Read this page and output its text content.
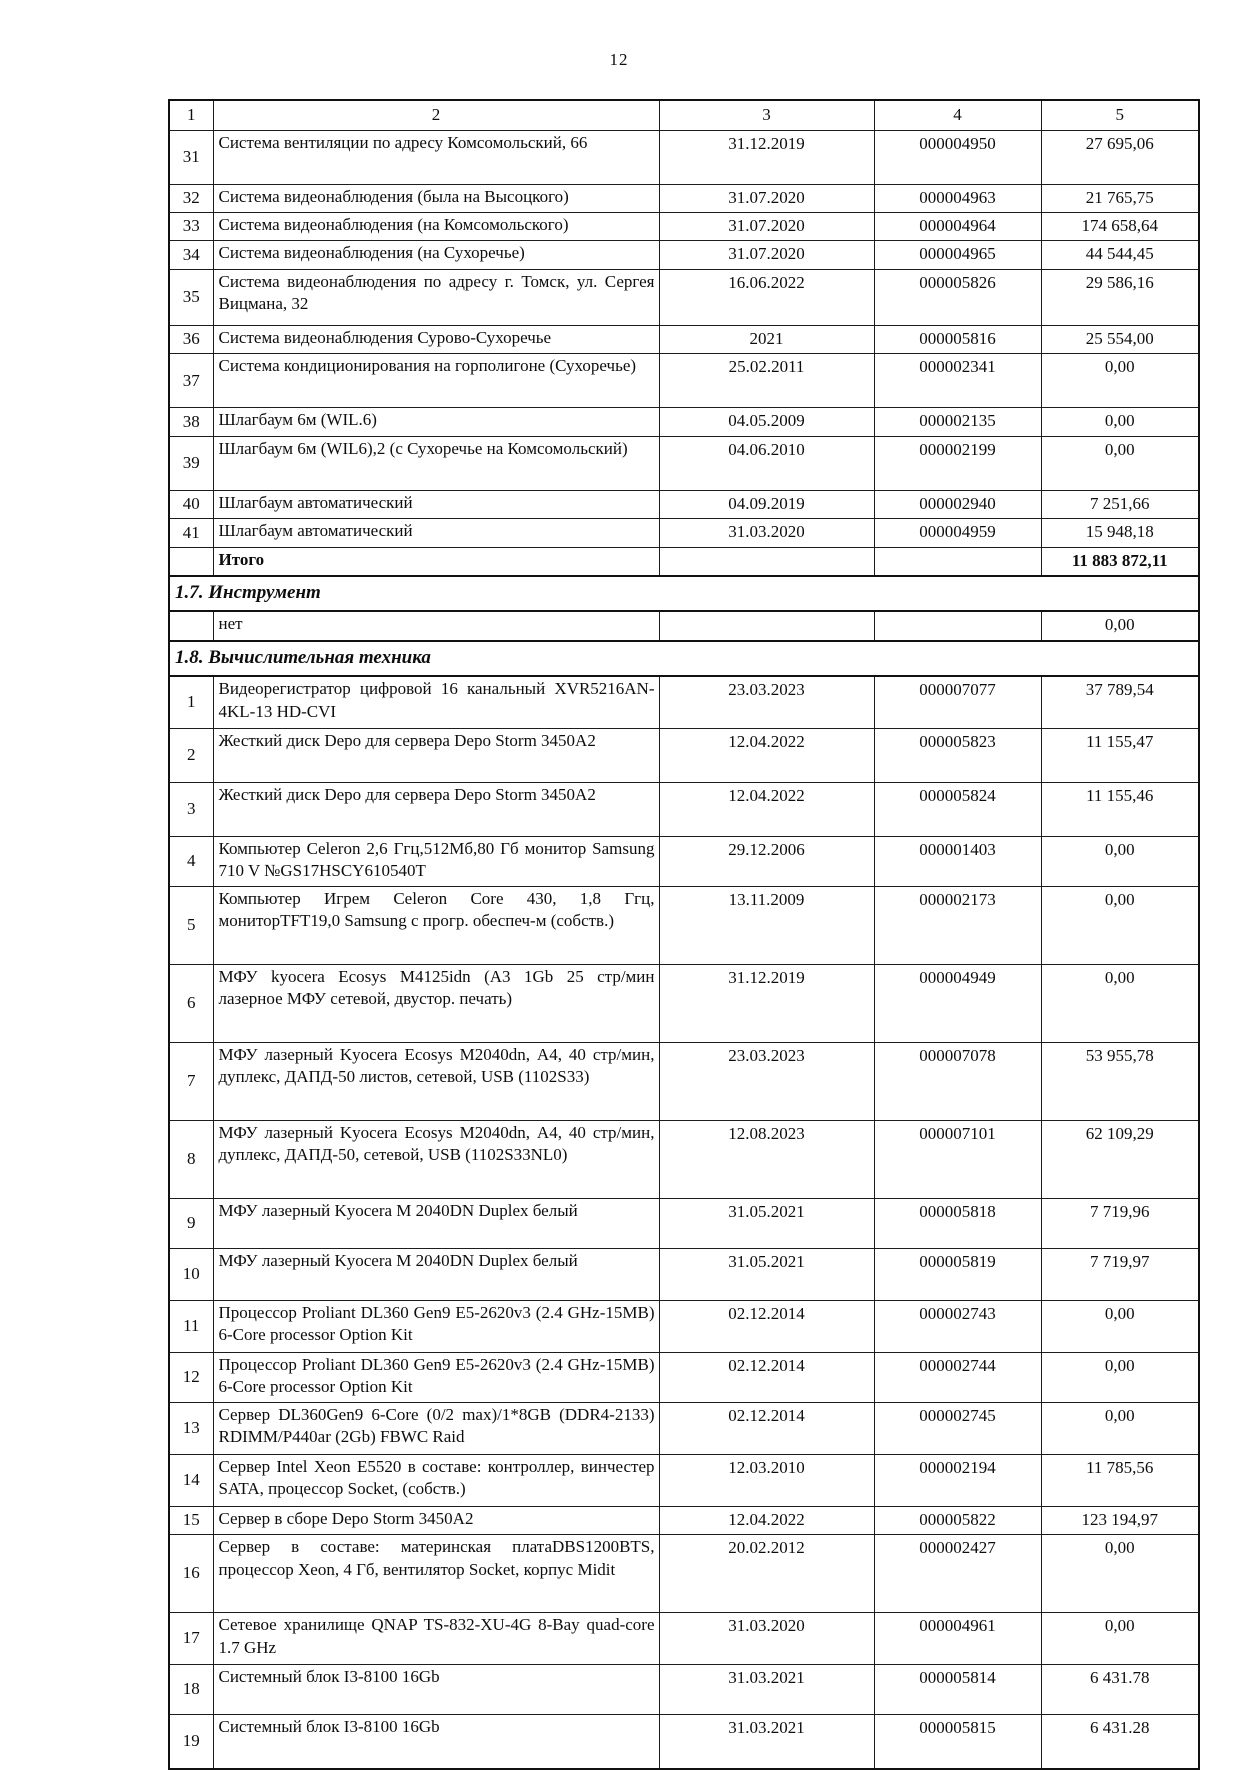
12
1	2	3	4	5
31	Система вентиляции по адресу Комсомольский, 66	31.12.2019	000004950	27 695,06
32	Система видеонаблюдения (была на Высоцкого)	31.07.2020	000004963	21 765,75
33	Система видеонаблюдения (на Комсомольского)	31.07.2020	000004964	174 658,64
34	Система видеонаблюдения (на Сухоречье)	31.07.2020	000004965	44 544,45
35	Система видеонаблюдения по адресу г. Томск, ул. Сергея Вицмана, 32	16.06.2022	000005826	29 586,16
36	Система видеонаблюдения Сурово-Сухоречье	2021	000005816	25 554,00
37	Система кондиционирования на горполигоне (Сухоречье)	25.02.2011	000002341	0,00
38	Шлагбаум 6м (WIL.6)	04.05.2009	000002135	0,00
39	Шлагбаум 6м (WIL6),2 (с Сухоречье на Комсомольский)	04.06.2010	000002199	0,00
40	Шлагбаум автоматический	04.09.2019	000002940	7 251,66
41	Шлагбаум автоматический	31.03.2020	000004959	15 948,18
	Итого			11 883 872,11
1.7. Инструмент				
	нет			0,00
1.8. Вычислительная техника				
1	Видеорегистратор цифровой 16 канальный XVR5216AN-4KL-13 HD-CVI	23.03.2023	000007077	37 789,54
2	Жесткий диск Depo для сервера Depo Storm 3450A2	12.04.2022	000005823	11 155,47
3	Жесткий диск Depo для сервера Depo Storm 3450A2	12.04.2022	000005824	11 155,46
4	Компьютер Celeron 2,6 Ггц,512Мб,80 Гб монитор Samsung 710 V №GS17HSCY610540T	29.12.2006	000001403	0,00
5	Компьютер Игрем Celeron Core 430, 1,8 Ггц, мониторTFT19,0 Samsung с прогр. обеспеч-м (собств.)	13.11.2009	000002173	0,00
6	МФУ kyocera Ecosys M4125idn (А3 1Gb 25 стр/мин лазерное МФУ сетевой, двустор. печать)	31.12.2019	000004949	0,00
7	МФУ лазерный Kyocera Ecosys M2040dn, А4, 40 стр/мин, дуплекс, ДАПД-50 листов, сетевой, USB (1102S33)	23.03.2023	000007078	53 955,78
8	МФУ лазерный Kyocera Ecosys M2040dn, А4, 40 стр/мин, дуплекс, ДАПД-50, сетевой, USB (1102S33NL0)	12.08.2023	000007101	62 109,29
9	МФУ лазерный Kyocera M 2040DN Duplex белый	31.05.2021	000005818	7 719,96
10	МФУ лазерный Kyocera M 2040DN Duplex белый	31.05.2021	000005819	7 719,97
11	Процессор Proliant DL360 Gen9 E5-2620v3 (2.4 GHz-15MB) 6-Core processor Option Kit	02.12.2014	000002743	0,00
12	Процессор Proliant DL360 Gen9 E5-2620v3 (2.4 GHz-15MB) 6-Core processor Option Kit	02.12.2014	000002744	0,00
13	Сервер DL360Gen9 6-Core (0/2 max)/1*8GB (DDR4-2133) RDIMM/P440ar (2Gb) FBWC Raid	02.12.2014	000002745	0,00
14	Сервер Intel Xeon E5520 в составе: контроллер, винчестер SATA, процессор Socket, (собств.)	12.03.2010	000002194	11 785,56
15	Сервер в сборе Depo Storm 3450A2	12.04.2022	000005822	123 194,97
16	Сервер в составе: материнская платаDBS1200BTS, процессор Xeon, 4 Гб, вентилятор Socket, корпус Midit	20.02.2012	000002427	0,00
17	Сетевое хранилище QNAP TS-832-XU-4G 8-Bay quad-core 1.7 GHz	31.03.2020	000004961	0,00
18	Системный блок I3-8100 16Gb	31.03.2021	000005814	6 431.78
19	Системный блок I3-8100 16Gb	31.03.2021	000005815	6 431.28
